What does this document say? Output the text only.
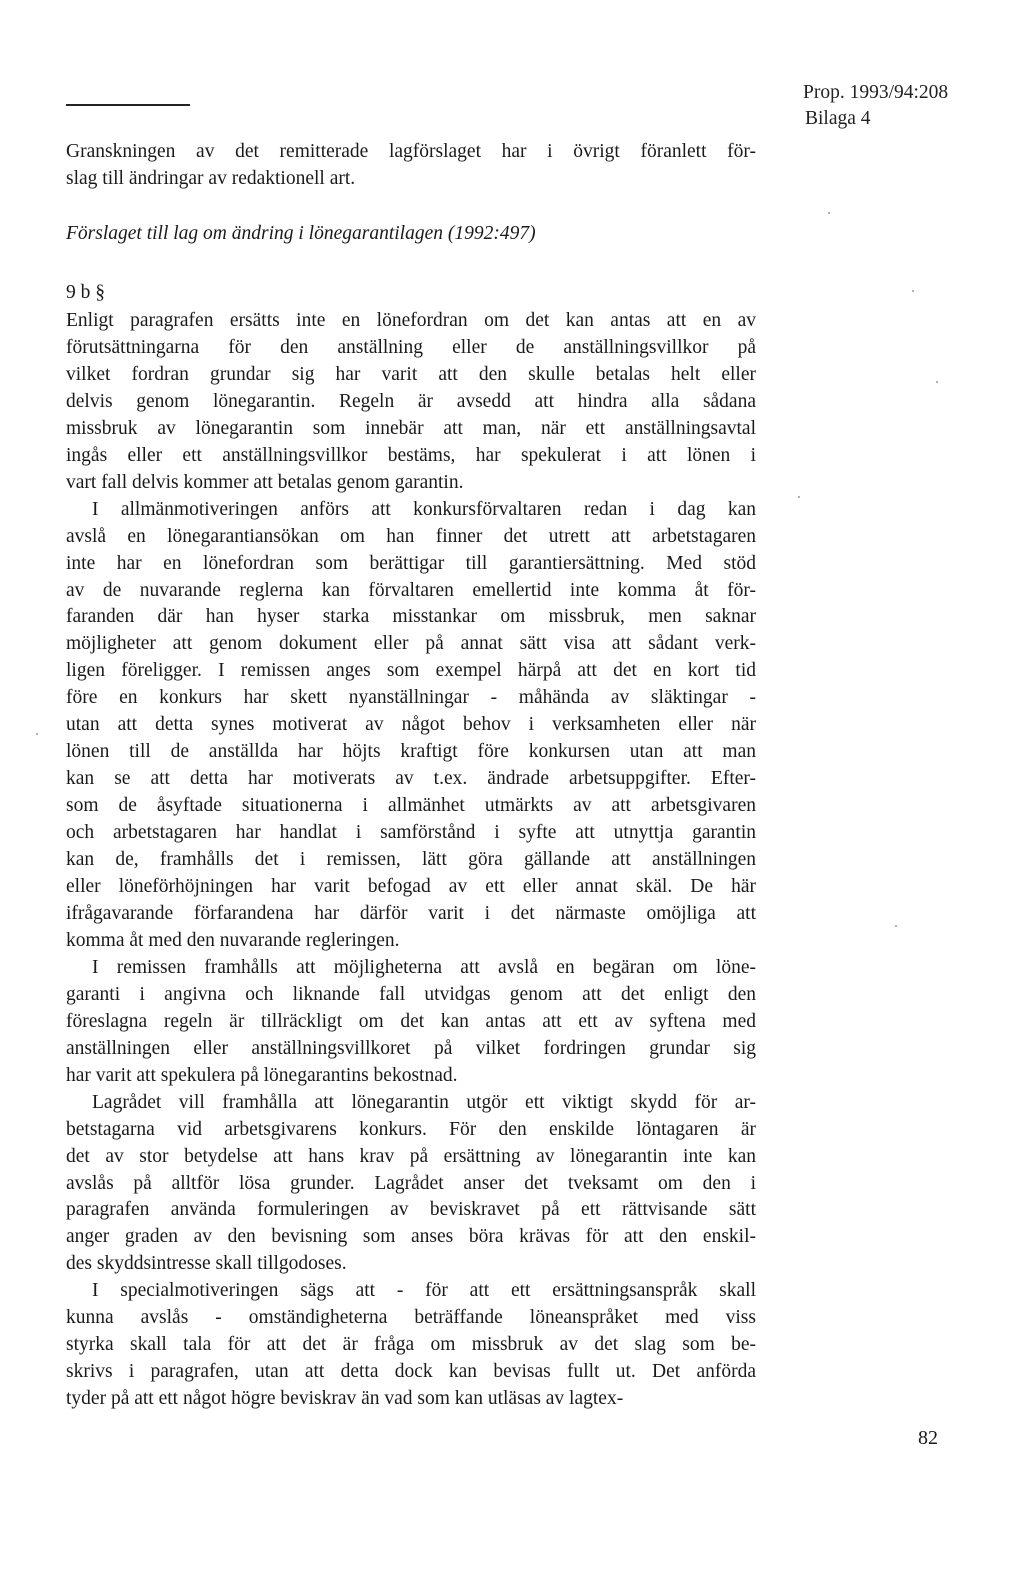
Prop. 1993/94:208
Bilaga 4
Granskningen av det remitterade lagförslaget har i övrigt föranlett för-
slag till ändringar av redaktionell art.
Förslaget till lag om ändring i lönegarantilagen (1992:497)
9 b §
Enligt paragrafen ersätts inte en lönefordran om det kan antas att en av
förutsättningarna för den anställning eller de anställningsvillkor på
vilket fordran grundar sig har varit att den skulle betalas helt eller
delvis genom lönegarantin. Regeln är avsedd att hindra alla sådana
missbruk av lönegarantin som innebär att man, när ett anställningsavtal
ingås eller ett anställningsvillkor bestäms, har spekulerat i att lönen i
vart fall delvis kommer att betalas genom garantin.
I allmänmotiveringen anförs att konkursförvaltaren redan i dag kan
avslå en lönegarantiansökan om han finner det utrett att arbetstagaren
inte har en lönefordran som berättigar till garantiersättning. Med stöd
av de nuvarande reglerna kan förvaltaren emellertid inte komma åt för-
faranden där han hyser starka misstankar om missbruk, men saknar
möjligheter att genom dokument eller på annat sätt visa att sådant verk-
ligen föreligger. I remissen anges som exempel härpå att det en kort tid
före en konkurs har skett nyanställningar - måhända av släktingar -
utan att detta synes motiverat av något behov i verksamheten eller när
lönen till de anställda har höjts kraftigt före konkursen utan att man
kan se att detta har motiverats av t.ex. ändrade arbetsuppgifter. Efter-
som de åsyftade situationerna i allmänhet utmärkts av att arbetsgivaren
och arbetstagaren har handlat i samförstånd i syfte att utnyttja garantin
kan de, framhålls det i remissen, lätt göra gällande att anställningen
eller löneförhöjningen har varit befogad av ett eller annat skäl. De här
ifrågavarande förfarandena har därför varit i det närmaste omöjliga att
komma åt med den nuvarande regleringen.
I remissen framhålls att möjligheterna att avslå en begäran om löne-
garanti i angivna och liknande fall utvidgas genom att det enligt den
föreslagna regeln är tillräckligt om det kan antas att ett av syftena med
anställningen eller anställningsvillkoret på vilket fordringen grundar sig
har varit att spekulera på lönegarantins bekostnad.
Lagrådet vill framhålla att lönegarantin utgör ett viktigt skydd för ar-
betstagarna vid arbetsgivarens konkurs. För den enskilde löntagaren är
det av stor betydelse att hans krav på ersättning av lönegarantin inte kan
avslås på alltför lösa grunder. Lagrådet anser det tveksamt om den i
paragrafen använda formuleringen av beviskravet på ett rättvisande sätt
anger graden av den bevisning som anses böra krävas för att den enskil-
des skyddsintresse skall tillgodoses.
I specialmotiveringen sägs att - för att ett ersättningsanspråk skall
kunna avslås - omständigheterna beträffande löneanspråket med viss
styrka skall tala för att det är fråga om missbruk av det slag som be-
skrivs i paragrafen, utan att detta dock kan bevisas fullt ut. Det anförda
tyder på att ett något högre beviskrav än vad som kan utläsas av lagtex-
82
